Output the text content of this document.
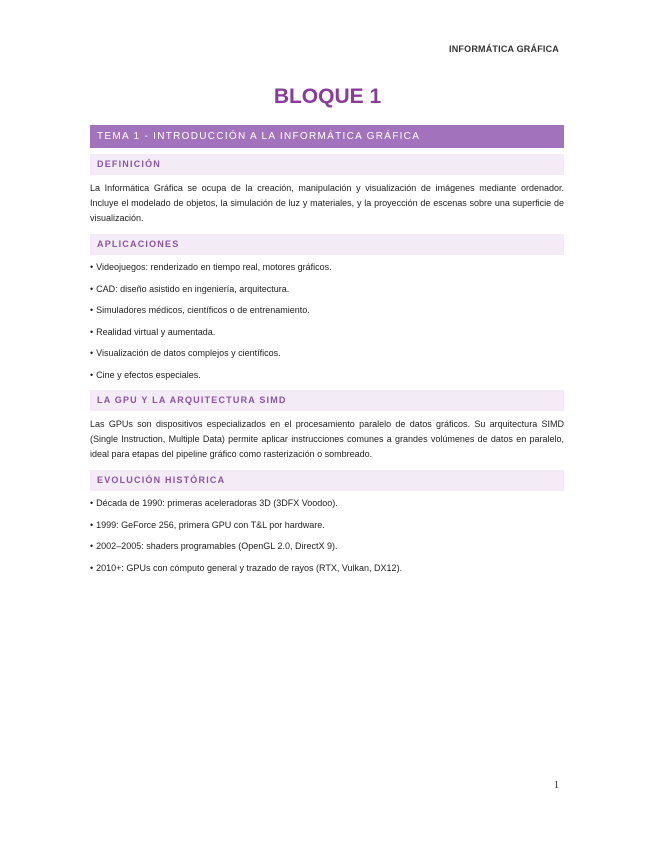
INFORMÁTICA GRÁFICA
BLOQUE 1
TEMA 1 - INTRODUCCIÓN A LA INFORMÁTICA GRÁFICA
DEFINICIÓN

La Informática Gráfica se ocupa de la creación, manipulación y visualización de imágenes mediante ordenador. Incluye el modelado de objetos, la simulación de luz y materiales, y la proyección de escenas sobre una superficie de visualización.

APLICACIONES
• Videojuegos: renderizado en tiempo real, motores gráficos.
• CAD: diseño asistido en ingeniería, arquitectura.
• Simuladores médicos, científicos o de entrenamiento.
• Realidad virtual y aumentada.
• Visualización de datos complejos y científicos.
• Cine y efectos especiales.
LA GPU Y LA ARQUITECTURA SIMD

Las GPUs son dispositivos especializados en el procesamiento paralelo de datos gráficos. Su arquitectura SIMD (Single Instruction, Multiple Data) permite aplicar instrucciones comunes a grandes volúmenes de datos en paralelo, ideal para etapas del pipeline gráfico como rasterización o sombreado.

EVOLUCIÓN HISTÓRICA
• Década de 1990: primeras aceleradoras 3D (3DFX Voodoo).
• 1999: GeForce 256, primera GPU con T&L por hardware.
• 2002–2005: shaders programables (OpenGL 2.0, DirectX 9).
• 2010+: GPUs con cómputo general y trazado de rayos (RTX, Vulkan, DX12).
1
